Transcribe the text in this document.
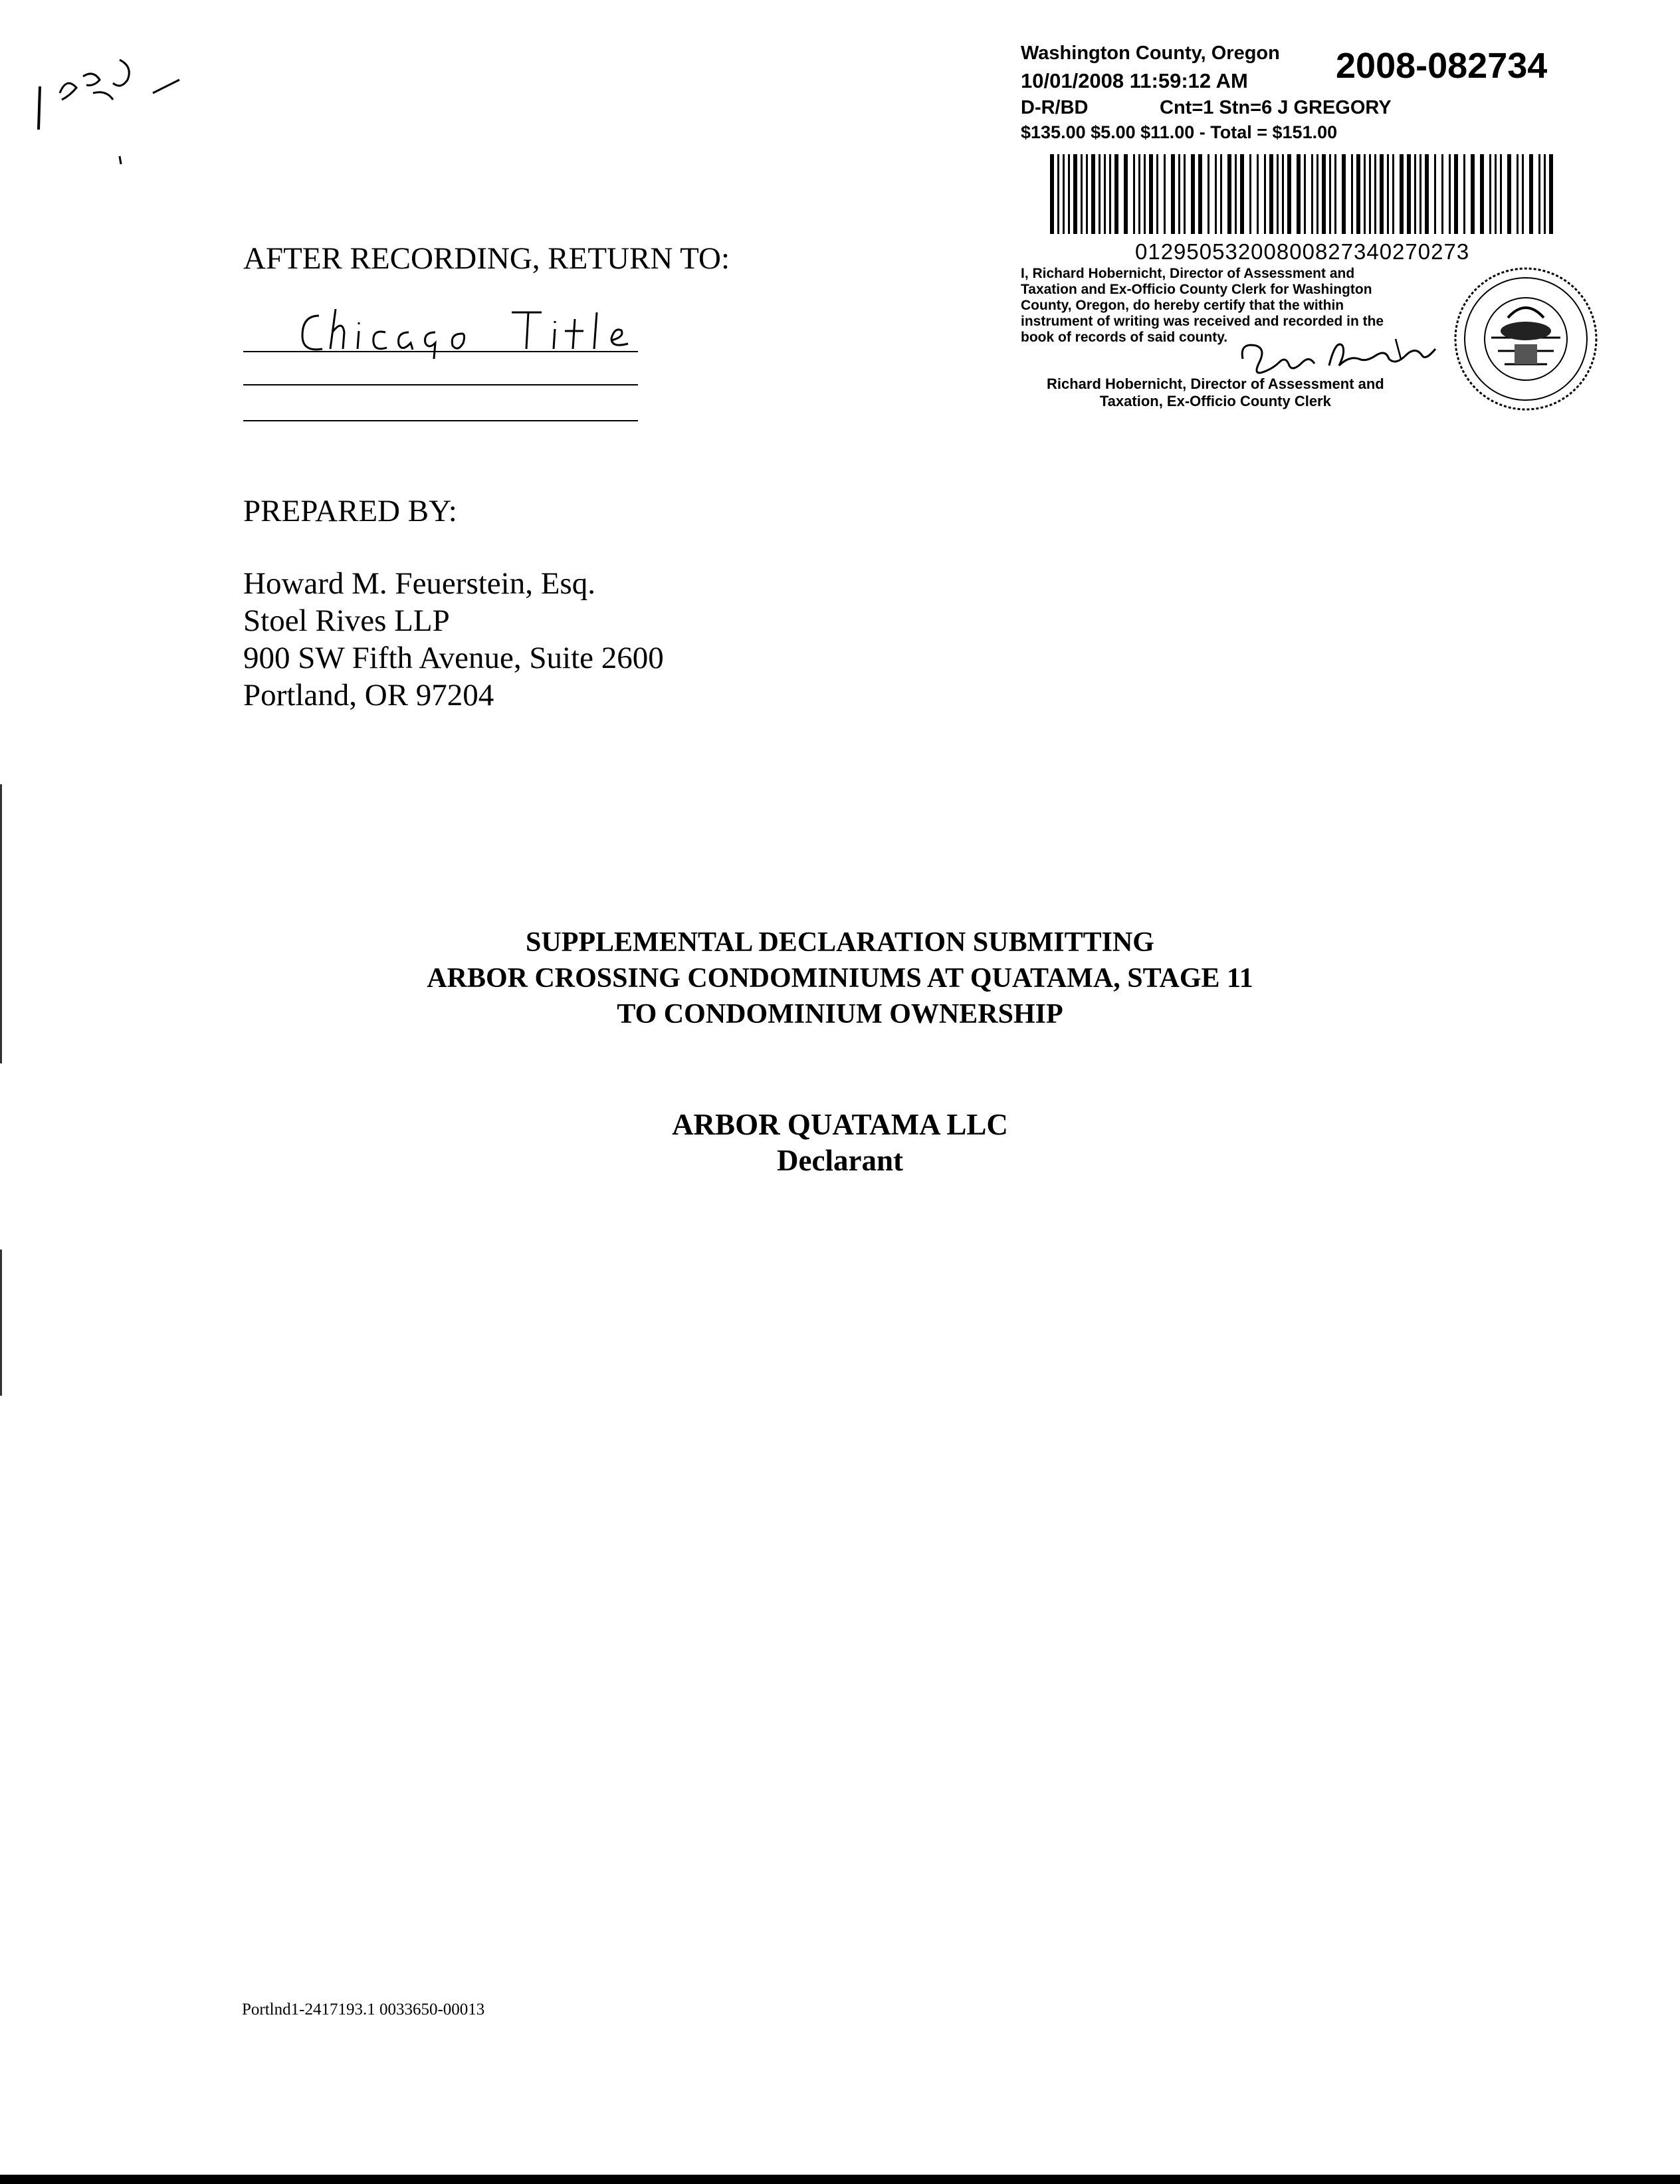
Washington County, Oregon 2008-082734
10/01/2008 11:59:12 AM
D-R/BD	Cnt=1 Stn=6 J GREGORY
$135.00 $5.00 $11.00 - Total = $151.00
01295053200800827340270273
I, Richard Hobernicht, Director of Assessment and
Taxation and Ex-Officio County Clerk for Washington
County, Oregon, do hereby certify that the within
instrument of writing was received and recorded in the
book of records of said county.
Richard Hobernicht, Director of Assessment and
Taxation, Ex-Officio County Clerk
AFTER RECORDING, RETURN TO:
PREPARED BY:
Howard M. Feuerstein, Esq.
Stoel Rives LLP
900 SW Fifth Avenue, Suite 2600
Portland, OR 97204
SUPPLEMENTAL DECLARATION SUBMITTING
ARBOR CROSSING CONDOMINIUMS AT QUATAMA, STAGE 11
TO CONDOMINIUM OWNERSHIP
ARBOR QUATAMA LLC
Declarant
Portlnd1-2417193.1 0033650-00013
